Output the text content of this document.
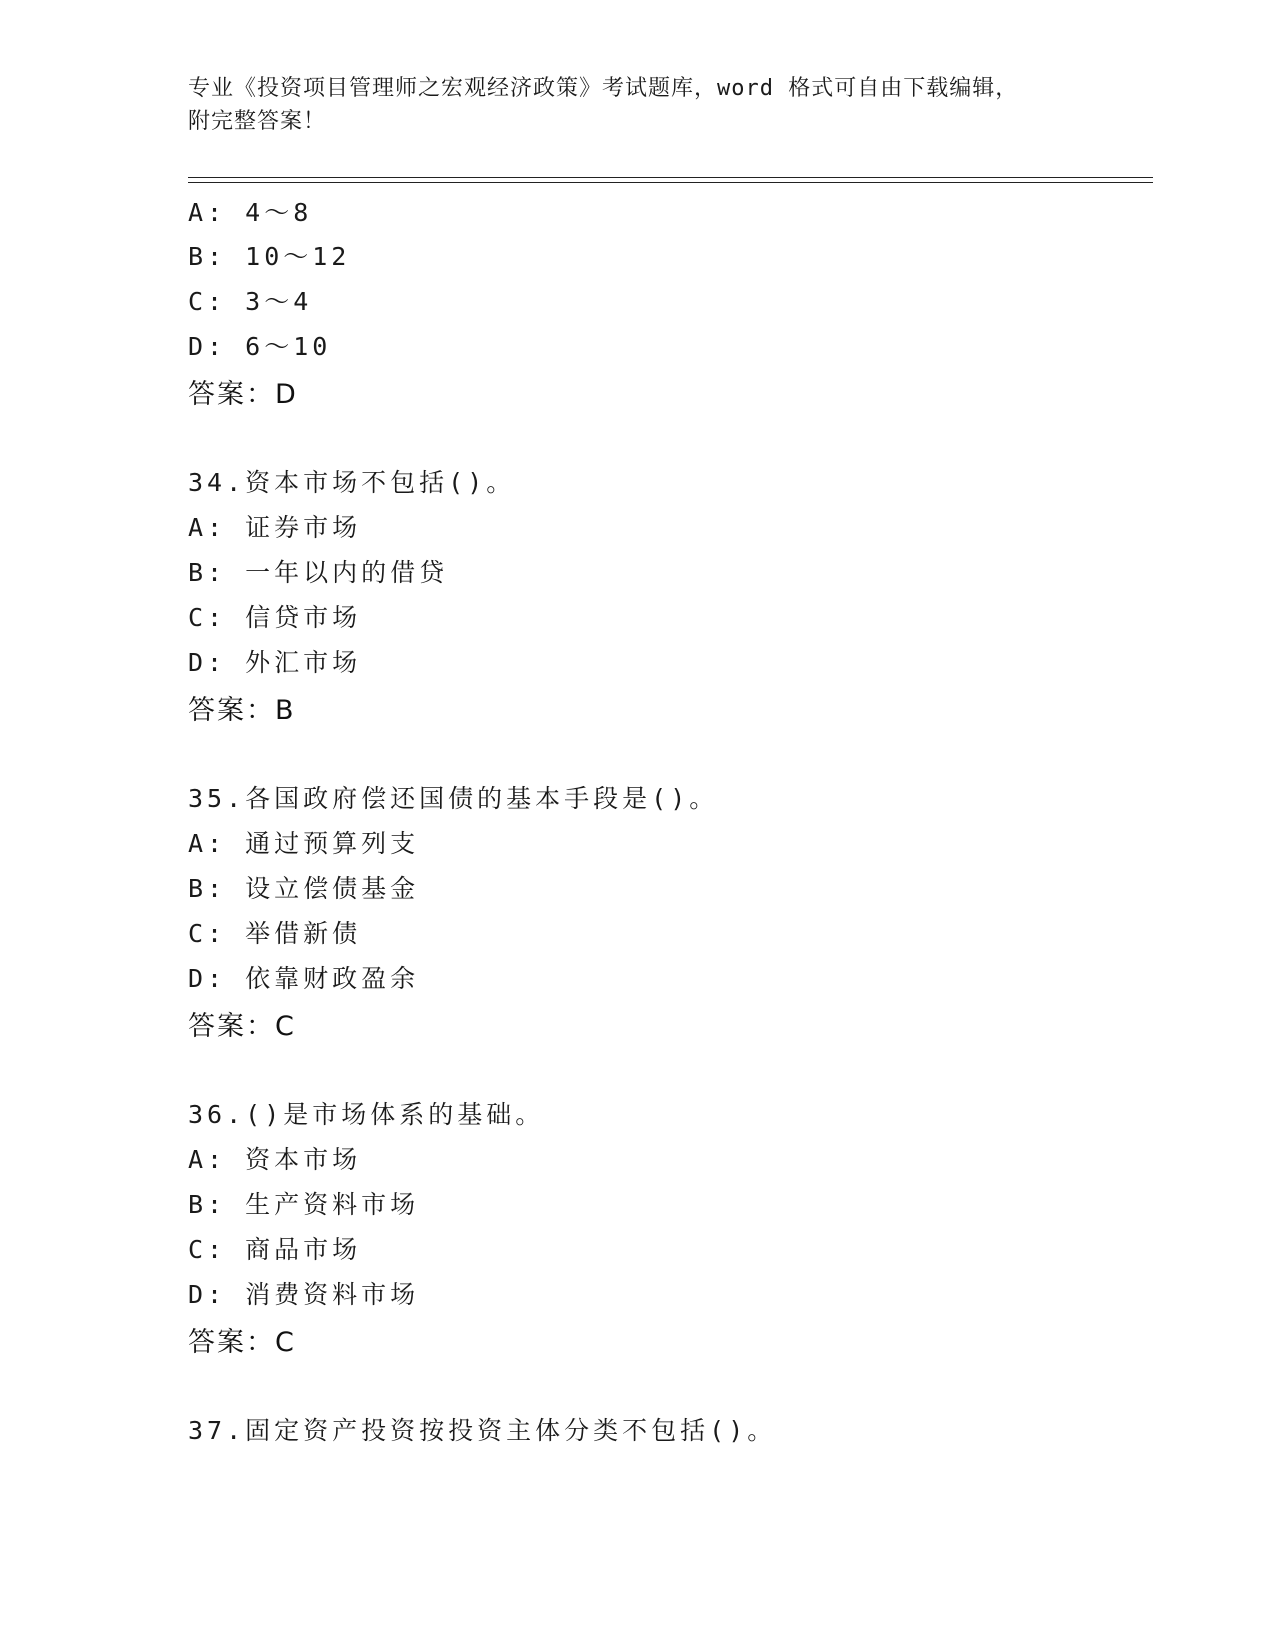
专业《投资项目管理师之宏观经济政策》考试题库，word 格式可自由下载编辑，
附完整答案！
A: 4～8
B: 10～12
C: 3～4
D: 6～10
答案：D
34.资本市场不包括()。
A: 证券市场
B: 一年以内的借贷
C: 信贷市场
D: 外汇市场
答案：B
35.各国政府偿还国债的基本手段是()。
A: 通过预算列支
B: 设立偿债基金
C: 举借新债
D: 依靠财政盈余
答案：C
36.()是市场体系的基础。
A: 资本市场
B: 生产资料市场
C: 商品市场
D: 消费资料市场
答案：C
37.固定资产投资按投资主体分类不包括()。
